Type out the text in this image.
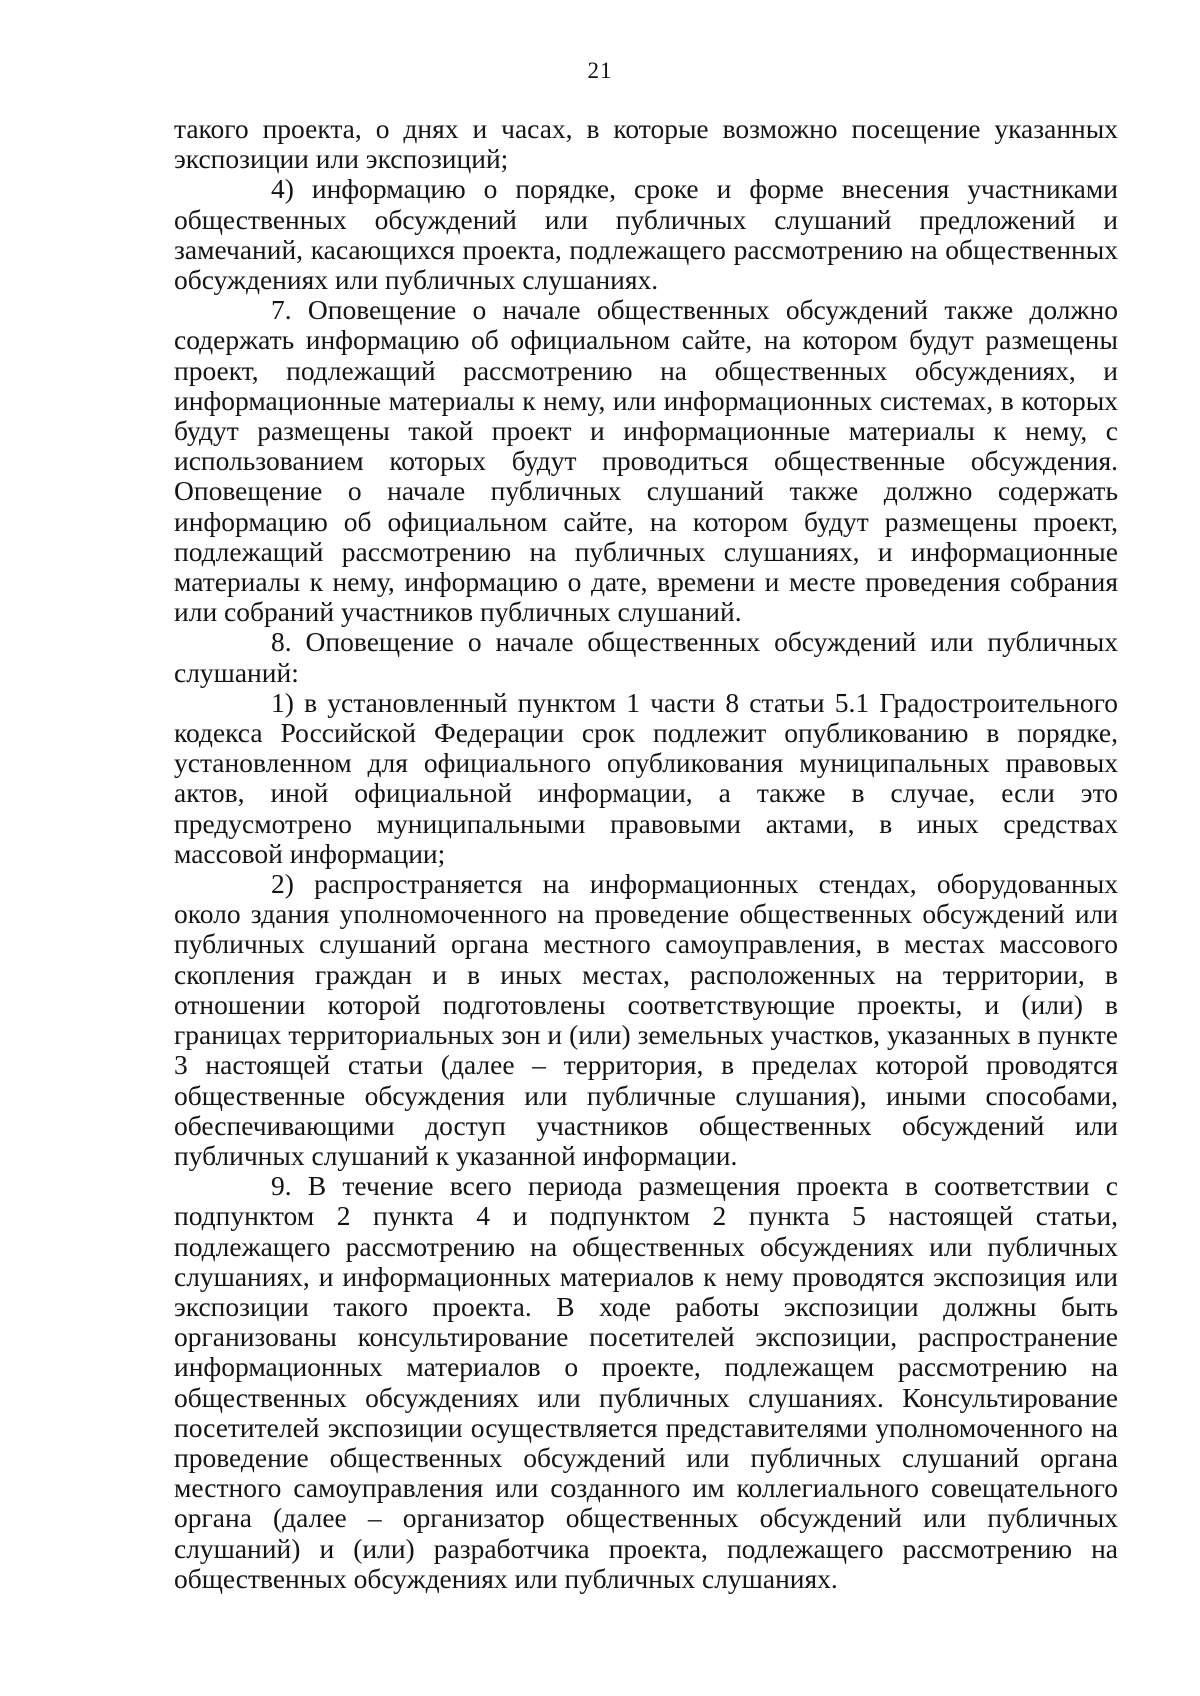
21

такого проекта, о днях и часах, в которые возможно посещение указанных экспозиции или экспозиций;

4) информацию о порядке, сроке и форме внесения участниками общественных обсуждений или публичных слушаний предложений и замечаний, касающихся проекта, подлежащего рассмотрению на общественных обсуждениях или публичных слушаниях.

7. Оповещение о начале общественных обсуждений также должно содержать информацию об официальном сайте, на котором будут размещены проект, подлежащий рассмотрению на общественных обсуждениях, и информационные материалы к нему, или информационных системах, в которых будут размещены такой проект и информационные материалы к нему, с использованием которых будут проводиться общественные обсуждения. Оповещение о начале публичных слушаний также должно содержать информацию об официальном сайте, на котором будут размещены проект, подлежащий рассмотрению на публичных слушаниях, и информационные материалы к нему, информацию о дате, времени и месте проведения собрания или собраний участников публичных слушаний.

8. Оповещение о начале общественных обсуждений или публичных слушаний:

1) в установленный пунктом 1 части 8 статьи 5.1 Градостроительного кодекса Российской Федерации срок подлежит опубликованию в порядке, установленном для официального опубликования муниципальных правовых актов, иной официальной информации, а также в случае, если это предусмотрено муниципальными правовыми актами, в иных средствах массовой информации;

2) распространяется на информационных стендах, оборудованных около здания уполномоченного на проведение общественных обсуждений или публичных слушаний органа местного самоуправления, в местах массового скопления граждан и в иных местах, расположенных на территории, в отношении которой подготовлены соответствующие проекты, и (или) в границах территориальных зон и (или) земельных участков, указанных в пункте 3 настоящей статьи (далее – территория, в пределах которой проводятся общественные обсуждения или публичные слушания), иными способами, обеспечивающими доступ участников общественных обсуждений или публичных слушаний к указанной информации.

9. В течение всего периода размещения проекта в соответствии с подпунктом 2 пункта 4 и подпунктом 2 пункта 5 настоящей статьи, подлежащего рассмотрению на общественных обсуждениях или публичных слушаниях, и информационных материалов к нему проводятся экспозиция или экспозиции такого проекта. В ходе работы экспозиции должны быть организованы консультирование посетителей экспозиции, распространение информационных материалов о проекте, подлежащем рассмотрению на общественных обсуждениях или публичных слушаниях. Консультирование посетителей экспозиции осуществляется представителями уполномоченного на проведение общественных обсуждений или публичных слушаний органа местного самоуправления или созданного им коллегиального совещательного органа (далее – организатор общественных обсуждений или публичных слушаний) и (или) разработчика проекта, подлежащего рассмотрению на общественных обсуждениях или публичных слушаниях.
